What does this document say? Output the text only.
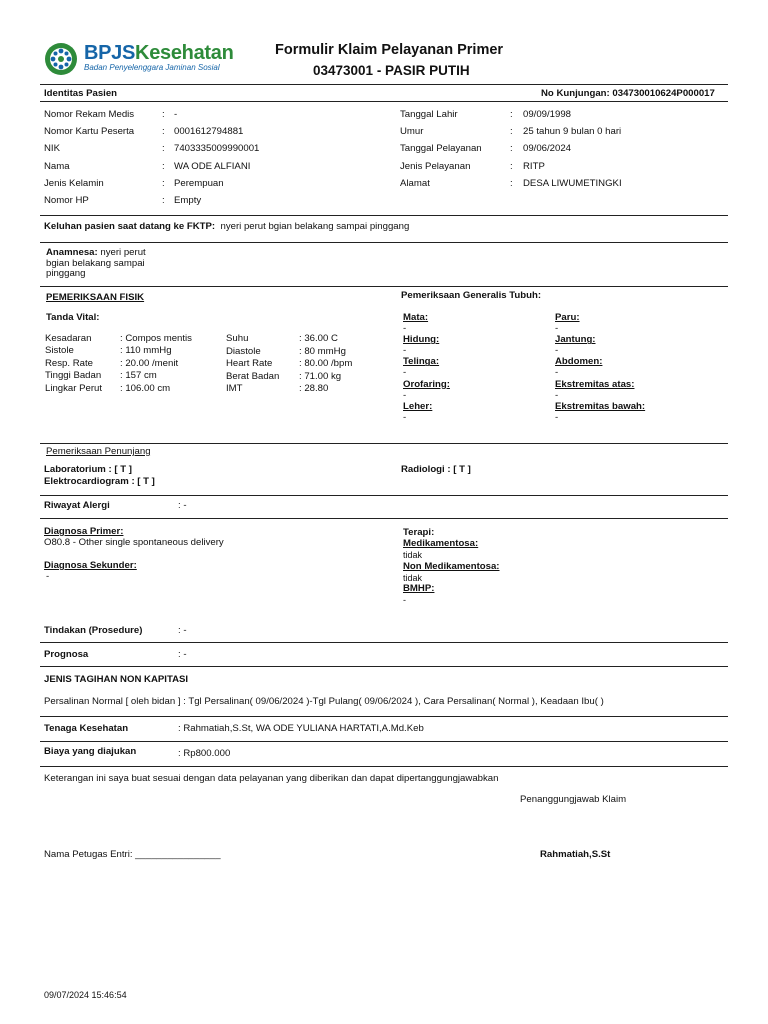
BPJSKesehatan
Badan Penyelenggara Jaminan Sosial
Formulir Klaim Pelayanan Primer
03473001 - PASIR PUTIH
Identitas Pasien	No Kunjungan: 034730010624P000017
Nomor Rekam Medis	: -
Nomor Kartu Peserta	: 0001612794881
NIK	: 7403335009990001
Nama	: WA ODE ALFIANI
Jenis Kelamin	: Perempuan
Nomor HP	: Empty
Tanggal Lahir	: 09/09/1998
Umur	: 25 tahun 9 bulan 0 hari
Tanggal Pelayanan	: 09/06/2024
Jenis Pelayanan	: RITP
Alamat	: DESA LIWUMETINGKI
Keluhan pasien saat datang ke FKTP: nyeri perut bgian belakang sampai pinggang
Anamnesa: nyeri perut
bgian belakang sampai
pinggang
PEMERIKSAAN FISIK	Pemeriksaan Generalis Tubuh:
Tanda Vital:
Kesadaran	: Compos mentis
Sistole	: 110 mmHg
Resp. Rate	: 20.00 /menit
Tinggi Badan : 157 cm
Lingkar Perut : 106.00 cm
Suhu	: 36.00 C
Diastole	: 80 mmHg
Heart Rate	: 80.00 /bpm
Berat Badan : 71.00 kg
IMT	: 28.80
Mata:
-
Hidung:
-
Telinga:
-
Orofaring:
-
Leher:
-
Paru:
-
Jantung:
-
Abdomen:
-
Ekstremitas atas:
-
Ekstremitas bawah:
-
Pemeriksaan Penunjang
Laboratorium : [ T ]
Elektrocardiogram : [ T ]
Radiologi : [ T ]
Riwayat Alergi	: -
Diagnosa Primer:
O80.8 - Other single spontaneous delivery
Diagnosa Sekunder:
-
Terapi:
Medikamentosa:
tidak
Non Medikamentosa:
tidak
BMHP:
-
Tindakan (Prosedure)	: -
Prognosa	: -
JENIS TAGIHAN NON KAPITASI
Persalinan Normal [ oleh bidan ] : Tgl Persalinan( 09/06/2024 )-Tgl Pulang( 09/06/2024 ), Cara Persalinan( Normal ), Keadaan Ibu( )
Tenaga Kesehatan	: Rahmatiah,S.St, WA ODE YULIANA HARTATI,A.Md.Keb
Biaya yang diajukan	: Rp800.000
Keterangan ini saya buat sesuai dengan data pelayanan yang diberikan dan dapat dipertanggungjawabkan
Penanggungjawab Klaim
Nama Petugas Entri: ________________	Rahmatiah,S.St
09/07/2024 15:46:54
